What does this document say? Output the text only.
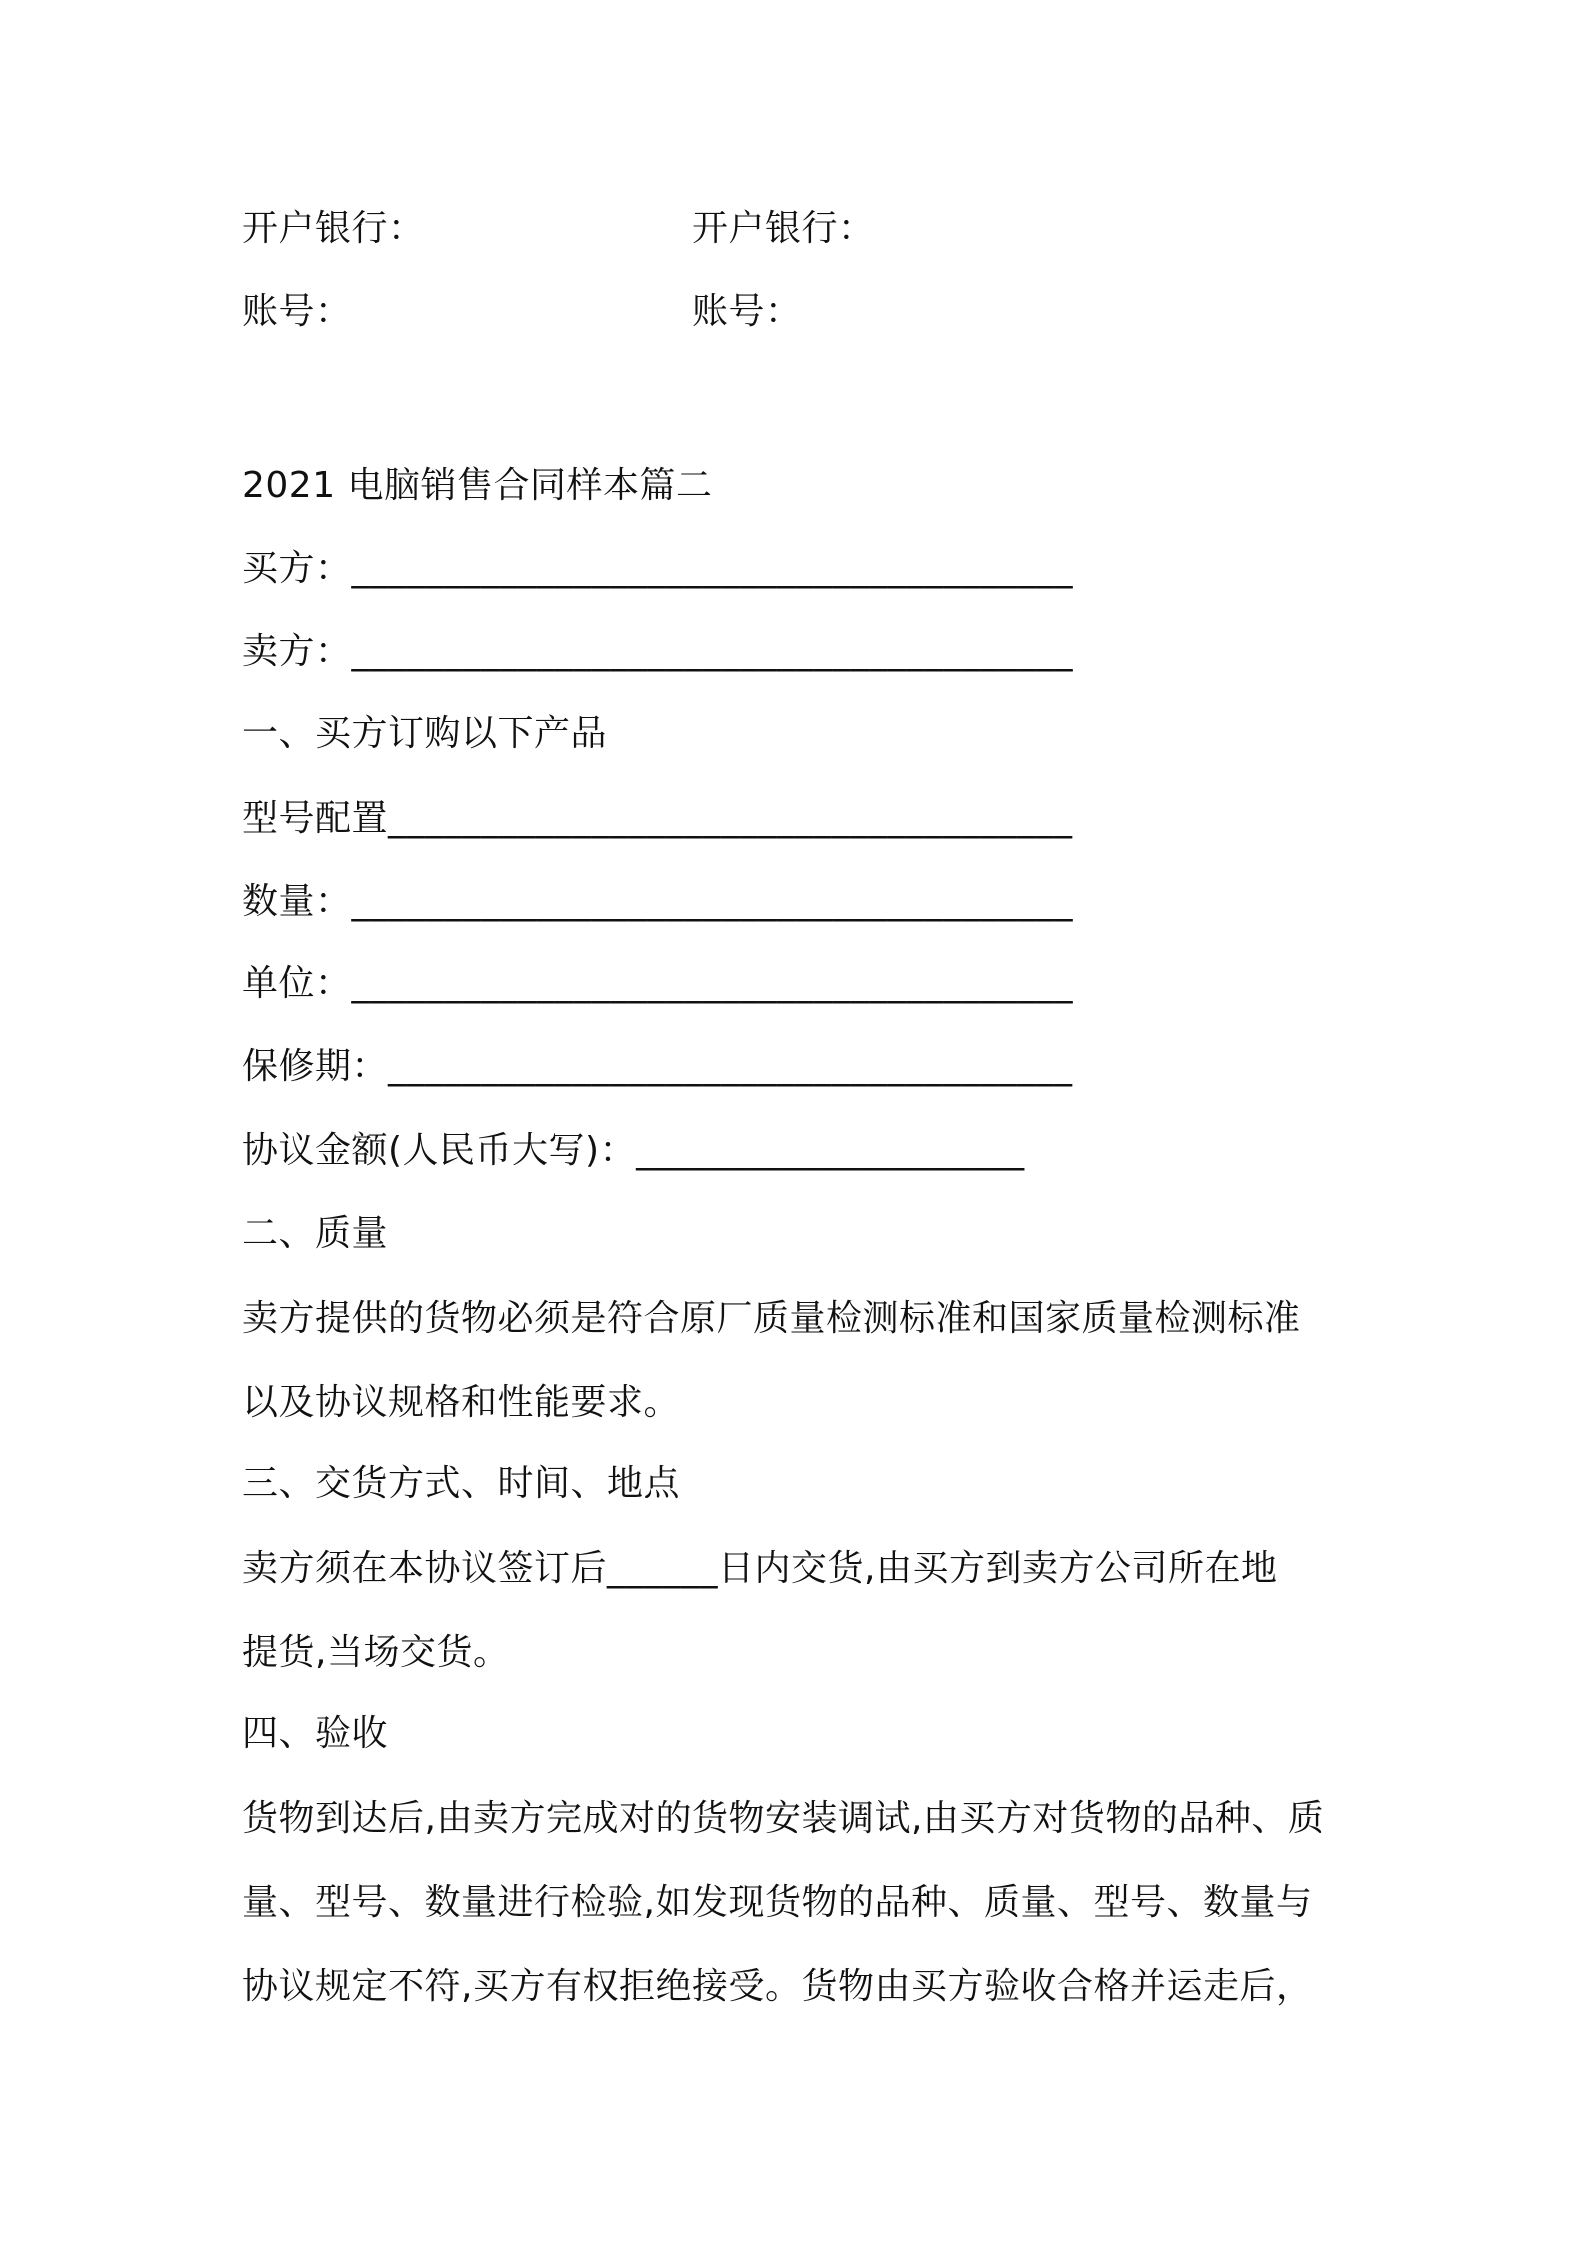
开户银行：	开户银行：
账号：	账号：
2021 电脑销售合同样本篇二
买方：_______________________________________
卖方：_______________________________________
一、买方订购以下产品
型号配置_____________________________________
数量：_______________________________________
单位：_______________________________________
保修期：_____________________________________
协议金额(人民币大写)：_____________________
二、质量
卖方提供的货物必须是符合原厂质量检测标准和国家质量检测标准
以及协议规格和性能要求。
三、交货方式、时间、地点
卖方须在本协议签订后______日内交货,由买方到卖方公司所在地
提货,当场交货。
四、验收
货物到达后,由卖方完成对的货物安装调试,由买方对货物的品种、质
量、型号、数量进行检验,如发现货物的品种、质量、型号、数量与
协议规定不符,买方有权拒绝接受。货物由买方验收合格并运走后，
